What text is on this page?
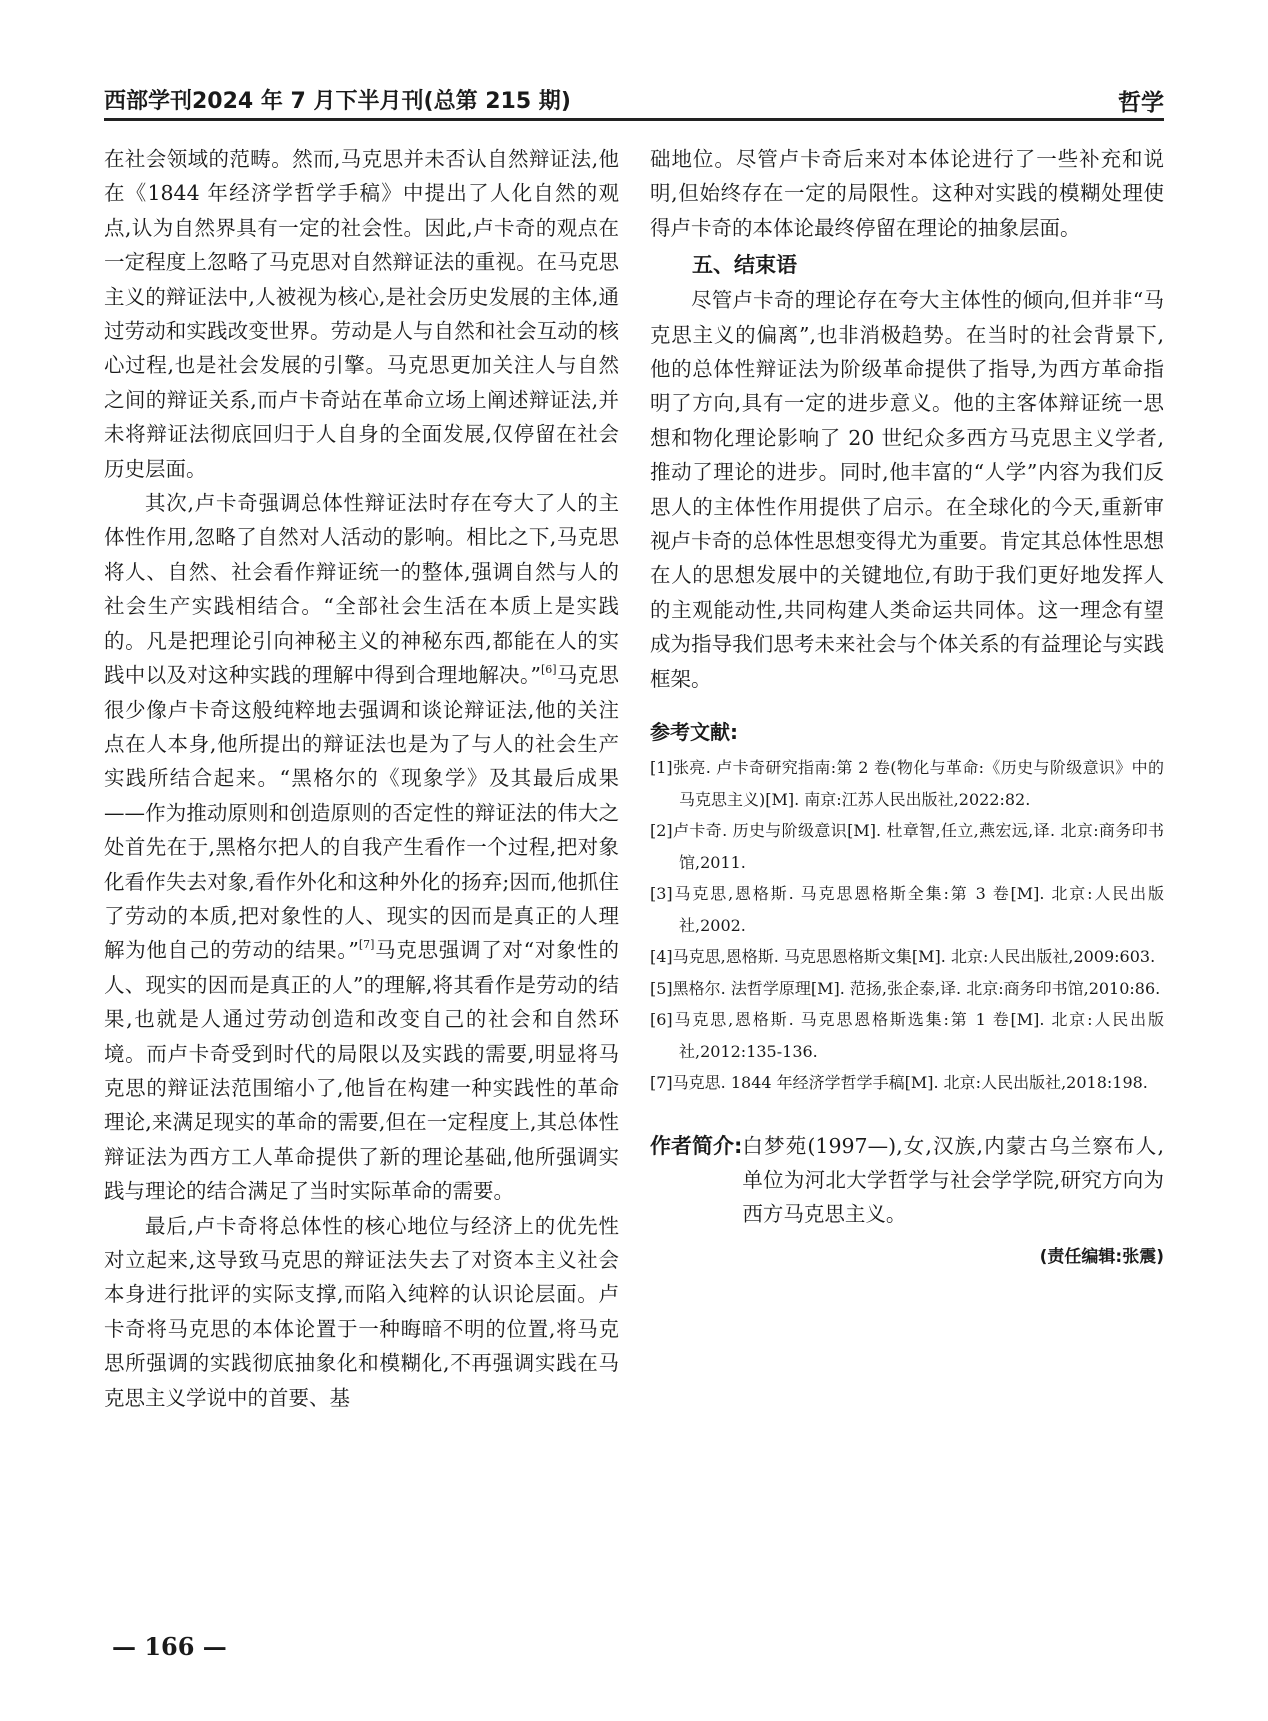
西部学刊2024 年 7 月下半月刊(总第 215 期)	哲学

在社会领域的范畴。然而,马克思并未否认自然辩证法,他在《1844 年经济学哲学手稿》中提出了人化自然的观点,认为自然界具有一定的社会性。因此,卢卡奇的观点在一定程度上忽略了马克思对自然辩证法的重视。在马克思主义的辩证法中,人被视为核心,是社会历史发展的主体,通过劳动和实践改变世界。劳动是人与自然和社会互动的核心过程,也是社会发展的引擎。马克思更加关注人与自然之间的辩证关系,而卢卡奇站在革命立场上阐述辩证法,并未将辩证法彻底回归于人自身的全面发展,仅停留在社会历史层面。

其次,卢卡奇强调总体性辩证法时存在夸大了人的主体性作用,忽略了自然对人活动的影响。相比之下,马克思将人、自然、社会看作辩证统一的整体,强调自然与人的社会生产实践相结合。“全部社会生活在本质上是实践的。凡是把理论引向神秘主义的神秘东西,都能在人的实践中以及对这种实践的理解中得到合理地解决。”[6]马克思很少像卢卡奇这般纯粹地去强调和谈论辩证法,他的关注点在人本身,他所提出的辩证法也是为了与人的社会生产实践所结合起来。“黑格尔的《现象学》及其最后成果——作为推动原则和创造原则的否定性的辩证法的伟大之处首先在于,黑格尔把人的自我产生看作一个过程,把对象化看作失去对象,看作外化和这种外化的扬弃;因而,他抓住了劳动的本质,把对象性的人、现实的因而是真正的人理解为他自己的劳动的结果。”[7]马克思强调了对“对象性的人、现实的因而是真正的人”的理解,将其看作是劳动的结果,也就是人通过劳动创造和改变自己的社会和自然环境。而卢卡奇受到时代的局限以及实践的需要,明显将马克思的辩证法范围缩小了,他旨在构建一种实践性的革命理论,来满足现实的革命的需要,但在一定程度上,其总体性辩证法为西方工人革命提供了新的理论基础,他所强调实践与理论的结合满足了当时实际革命的需要。

最后,卢卡奇将总体性的核心地位与经济上的优先性对立起来,这导致马克思的辩证法失去了对资本主义社会本身进行批评的实际支撑,而陷入纯粹的认识论层面。卢卡奇将马克思的本体论置于一种晦暗不明的位置,将马克思所强调的实践彻底抽象化和模糊化,不再强调实践在马克思主义学说中的首要、基

础地位。尽管卢卡奇后来对本体论进行了一些补充和说明,但始终存在一定的局限性。这种对实践的模糊处理使得卢卡奇的本体论最终停留在理论的抽象层面。

五、结束语

尽管卢卡奇的理论存在夸大主体性的倾向,但并非“马克思主义的偏离”,也非消极趋势。在当时的社会背景下,他的总体性辩证法为阶级革命提供了指导,为西方革命指明了方向,具有一定的进步意义。他的主客体辩证统一思想和物化理论影响了 20 世纪众多西方马克思主义学者,推动了理论的进步。同时,他丰富的“人学”内容为我们反思人的主体性作用提供了启示。在全球化的今天,重新审视卢卡奇的总体性思想变得尤为重要。肯定其总体性思想在人的思想发展中的关键地位,有助于我们更好地发挥人的主观能动性,共同构建人类命运共同体。这一理念有望成为指导我们思考未来社会与个体关系的有益理论与实践框架。

参考文献:
[1]张亮. 卢卡奇研究指南:第 2 卷(物化与革命:《历史与阶级意识》中的马克思主义)[M]. 南京:江苏人民出版社,2022:82.
[2]卢卡奇. 历史与阶级意识[M]. 杜章智,任立,燕宏远,译. 北京:商务印书馆,2011.
[3]马克思,恩格斯. 马克思恩格斯全集:第 3 卷[M]. 北京:人民出版社,2002.
[4]马克思,恩格斯. 马克思恩格斯文集[M]. 北京:人民出版社,2009:603.
[5]黑格尔. 法哲学原理[M]. 范扬,张企泰,译. 北京:商务印书馆,2010:86.
[6]马克思,恩格斯. 马克思恩格斯选集:第 1 卷[M]. 北京:人民出版社,2012:135-136.
[7]马克思. 1844 年经济学哲学手稿[M]. 北京:人民出版社,2018:198.
作者简介: 白梦苑(1997—),女,汉族,内蒙古乌兰察布人,单位为河北大学哲学与社会学学院,研究方向为西方马克思主义。
(责任编辑:张震)
— 166 —
